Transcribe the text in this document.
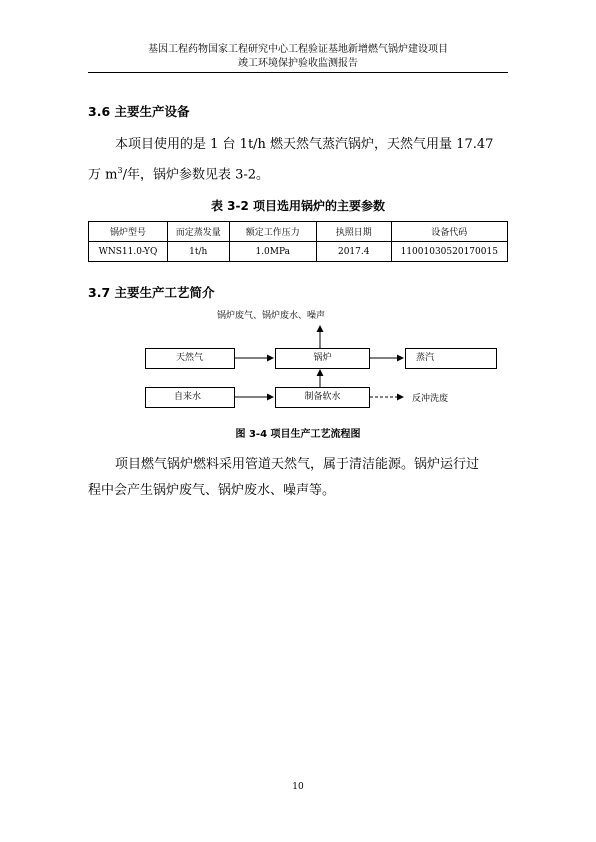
基因工程药物国家工程研究中心工程验证基地新增燃气锅炉建设项目
竣工环境保护验收监测报告
3.6 主要生产设备

本项目使用的是 1 台 1t/h 燃天然气蒸汽锅炉，天然气用量 17.47

万 $m^3/$年，锅炉参数见表 3-2。
表 3-2 项目选用锅炉的主要参数
锅炉型号	而定蒸发量	额定工作压力	执照日期	设备代码
WNS11.0-YQ	1t/h	1.0MPa	2017.4	11001030520170015
3.7 主要生产工艺简介
锅炉废气、锅炉废水、噪声
天然气	锅炉	蒸汽
自来水	制备软水	反冲洗废
图 3-4 项目生产工艺流程图

项目燃气锅炉燃料采用管道天然气，属于清洁能源。锅炉运行过

程中会产生锅炉废气、锅炉废水、噪声等。
10
